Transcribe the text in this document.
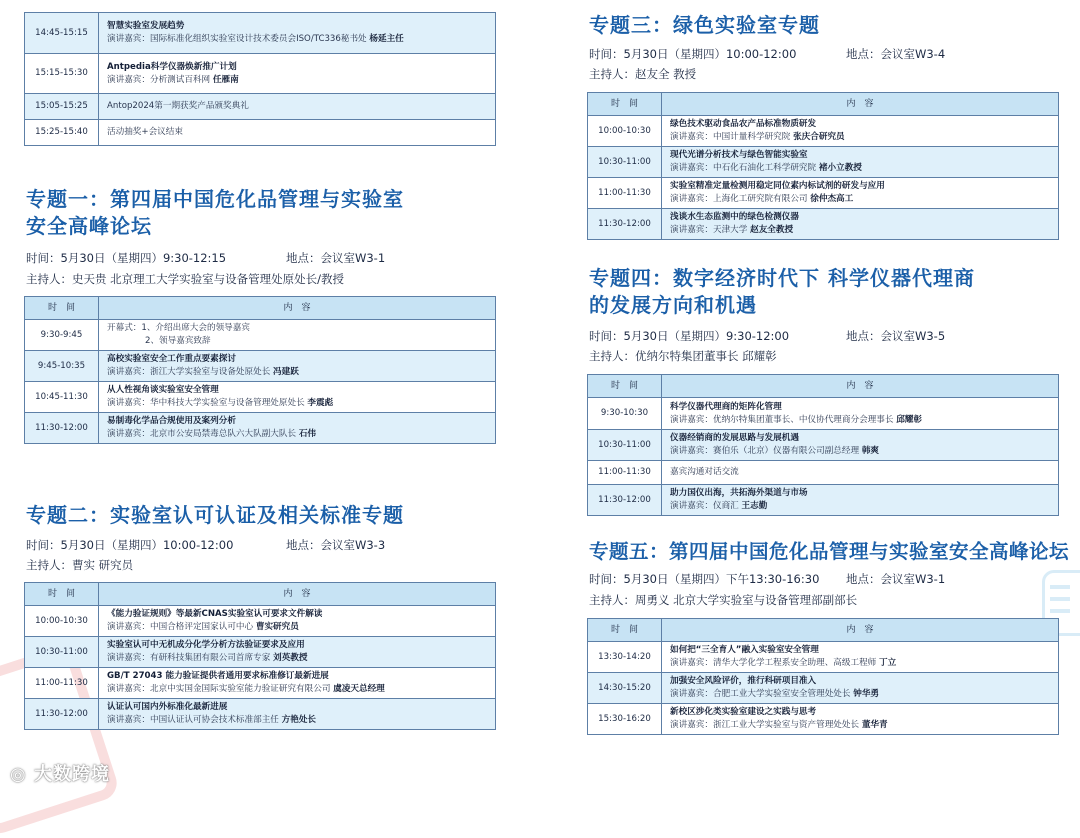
14:45-15:15	智慧实验室发展趋势
演讲嘉宾：国际标准化组织实验室设计技术委员会ISO/TC336秘书处 杨延主任

15:15-15:30	Antpedia科学仪器焕新推广计划
演讲嘉宾：分析测试百科网 任雁南

15:05-15:25	Antop2024第一期获奖产品颁奖典礼
15:25-15:40	活动抽奖+会议结束
专题一：第四届中国危化品管理与实验室
安全高峰论坛
时间：5月30日（星期四）9:30-12:15	地点：会议室W3-1
主持人：史天贵 北京理工大学实验室与设备管理处原处长/教授
时　间	内　容
9:30-9:45	开幕式：1、介绍出席大会的领导嘉宾
2、领导嘉宾致辞

9:45-10:35	高校实验室安全工作重点要素探讨
演讲嘉宾：浙江大学实验室与设备处原处长 冯建跃

10:45-11:30	从人性视角谈实验室安全管理
演讲嘉宾：华中科技大学实验室与设备管理处原处长 李震彪

11:30-12:00	易制毒化学品合规使用及案列分析
演讲嘉宾：北京市公安局禁毒总队六大队副大队长 石伟
专题二：实验室认可认证及相关标准专题
时间：5月30日（星期四）10:00-12:00	地点：会议室W3-3
主持人：曹实 研究员
时　间	内　容
10:00-10:30	《能力验证规则》等最新CNAS实验室认可要求文件解读
演讲嘉宾：中国合格评定国家认可中心 曹实研究员

10:30-11:00	实验室认可中无机成分化学分析方法验证要求及应用
演讲嘉宾：有研科技集团有限公司首席专家 刘英教授

11:00-11:30	GB/T 27043 能力验证提供者通用要求标准修订最新进展
演讲嘉宾：北京中实国金国际实验室能力验证研究有限公司 虞凌天总经理

11:30-12:00	认证认可国内外标准化最新进展
演讲嘉宾：中国认证认可协会技术标准部主任 方艳处长
专题三：绿色实验室专题
时间：5月30日（星期四）10:00-12:00	地点：会议室W3-4
主持人：赵友全 教授
时　间	内　容
10:00-10:30	绿色技术驱动食品农产品标准物质研发
演讲嘉宾：中国计量科学研究院 张庆合研究员

10:30-11:00	现代光谱分析技术与绿色智能实验室
演讲嘉宾：中石化石油化工科学研究院 褚小立教授

11:00-11:30	实验室精准定量检测用稳定同位素内标试剂的研发与应用
演讲嘉宾：上海化工研究院有限公司 徐仲杰高工

11:30-12:00	浅谈水生态监测中的绿色检测仪器
演讲嘉宾：天津大学 赵友全教授
专题四：数字经济时代下 科学仪器代理商
的发展方向和机遇
时间：5月30日（星期四）9:30-12:00	地点：会议室W3-5
主持人：优纳尔特集团董事长 邱耀彰
时　间	内　容
9:30-10:30	科学仪器代理商的矩阵化管理
演讲嘉宾：优纳尔特集团董事长、中仪协代理商分会理事长 邱耀彰

10:30-11:00	仪器经销商的发展思路与发展机遇
演讲嘉宾：赛伯乐（北京）仪器有限公司副总经理 韩爽

11:00-11:30	嘉宾沟通对话交流
11:30-12:00	助力国仪出海，共拓海外渠道与市场
演讲嘉宾：仪商汇 王志勤
专题五：第四届中国危化品管理与实验室安全高峰论坛
时间：5月30日（星期四）下午13:30-16:30 地点：会议室W3-1
主持人：周勇义 北京大学实验室与设备管理部副部长
时　间	内　容
13:30-14:20	如何把“三全育人”融入实验室安全管理
演讲嘉宾：清华大学化学工程系安全助理、高级工程师 丁立

14:30-15:20	加强安全风险评价，推行科研项目准入
演讲嘉宾：合肥工业大学实验室安全管理处处长 钟华勇

15:30-16:20	新校区涉化类实验室建设之实践与思考
演讲嘉宾：浙江工业大学实验室与资产管理处处长 董华青
◎ 大数跨境
